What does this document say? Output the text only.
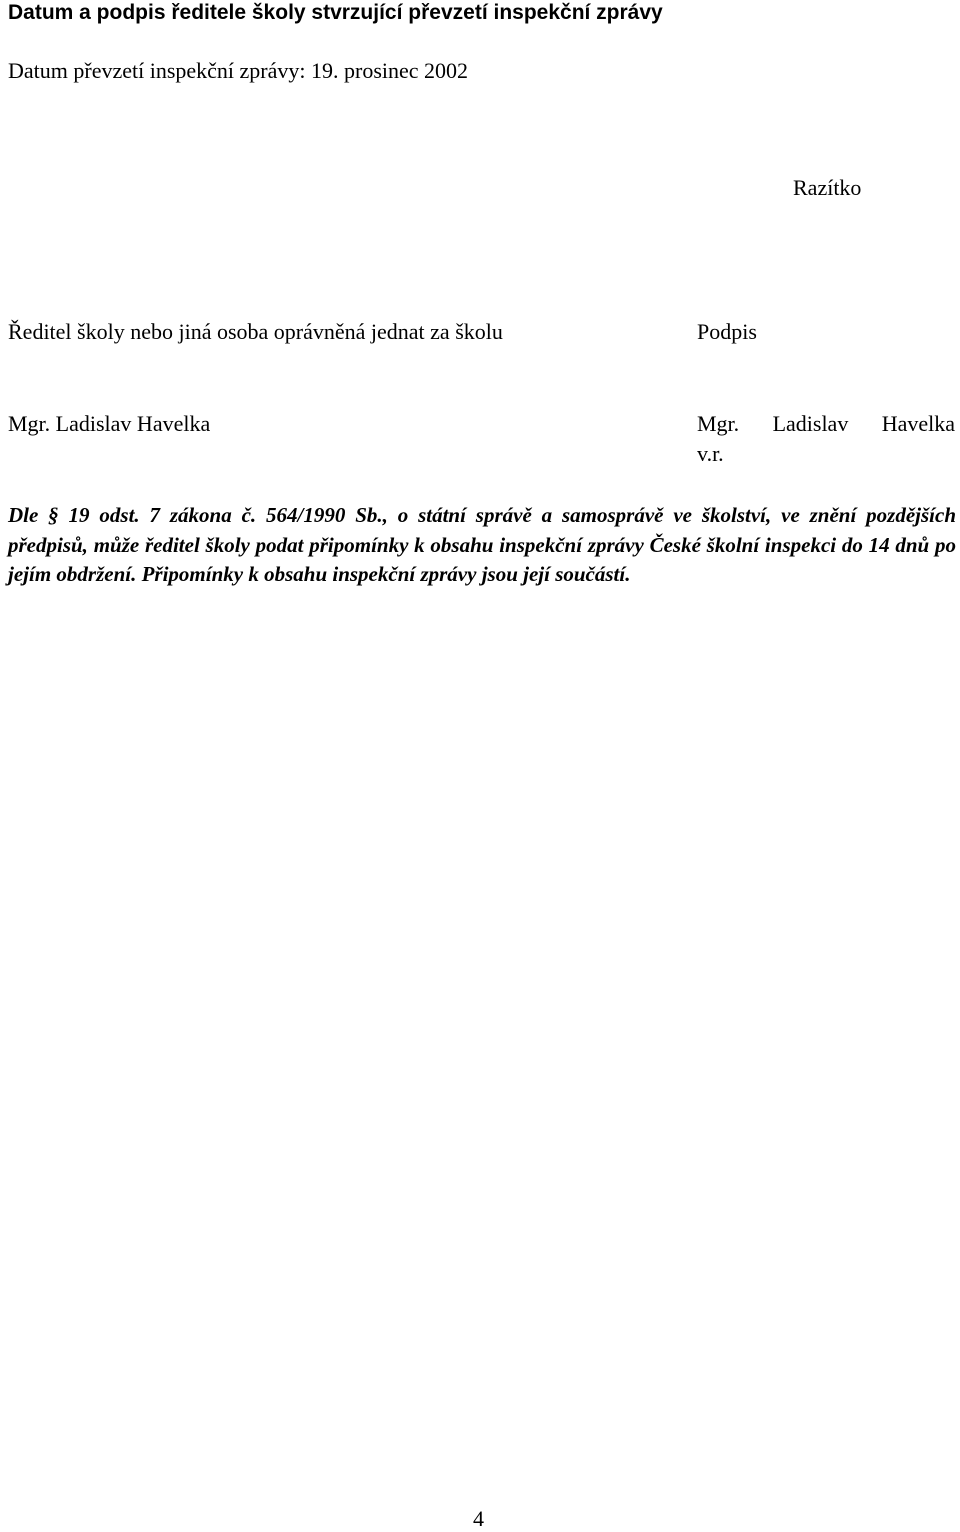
Datum a podpis ředitele školy stvrzující převzetí inspekční zprávy
Datum převzetí inspekční zprávy: 19. prosinec 2002
Razítko
Ředitel školy nebo jiná osoba oprávněná jednat za školu	Podpis
Mgr. Ladislav Havelka	Mgr. Ladislav Havelka
v.r.
Dle § 19 odst. 7 zákona č. 564/1990 Sb., o státní správě a samosprávě ve školství, ve znění pozdějších předpisů, může ředitel školy podat připomínky k obsahu inspekční zprávy České školní inspekci do 14 dnů po jejím obdržení. Připomínky k obsahu inspekční zprávy jsou její součástí.
4
